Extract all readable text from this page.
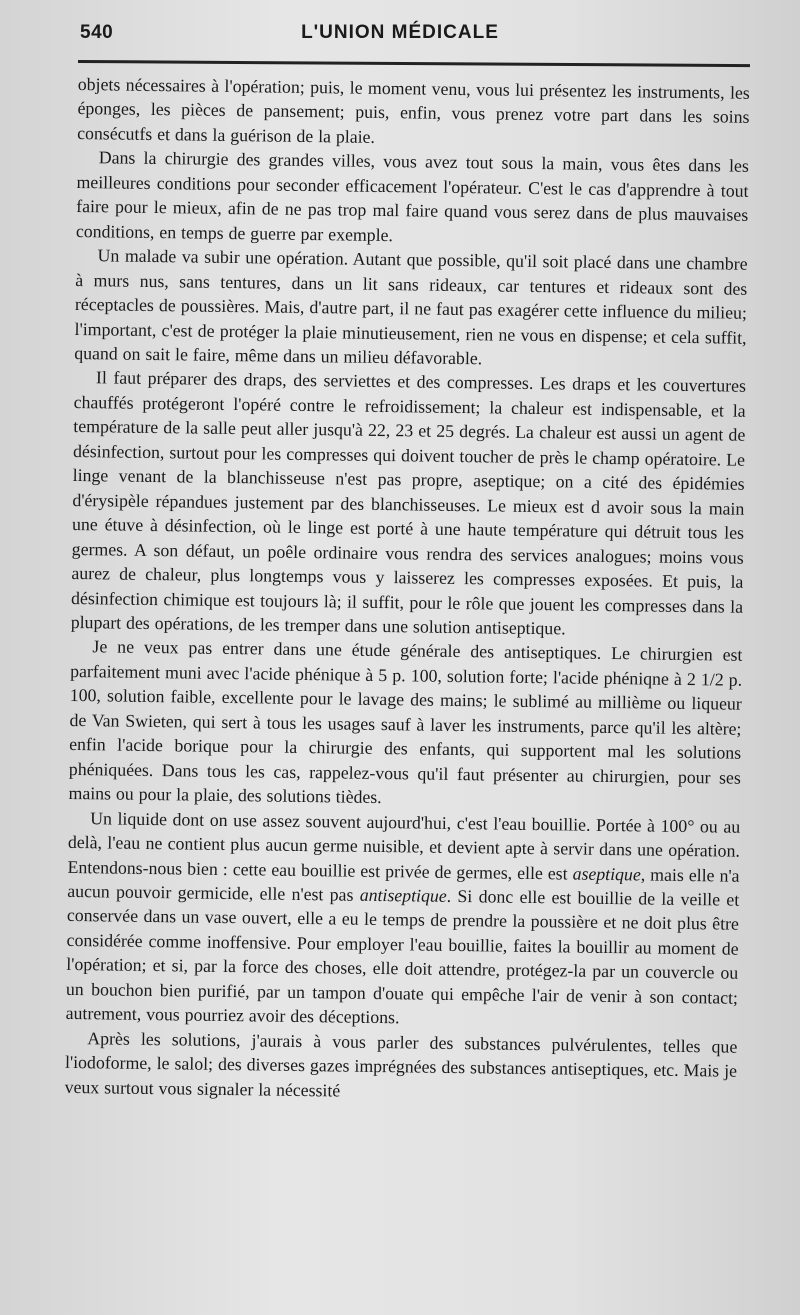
540	L'UNION MÉDICALE

objets nécessaires à l'opération; puis, le moment venu, vous lui présentez les instruments, les éponges, les pièces de pansement; puis, enfin, vous prenez votre part dans les soins consécutfs et dans la guérison de la plaie.

Dans la chirurgie des grandes villes, vous avez tout sous la main, vous êtes dans les meilleures conditions pour seconder efficacement l'opérateur. C'est le cas d'apprendre à tout faire pour le mieux, afin de ne pas trop mal faire quand vous serez dans de plus mauvaises conditions, en temps de guerre par exemple.

Un malade va subir une opération. Autant que possible, qu'il soit placé dans une chambre à murs nus, sans tentures, dans un lit sans rideaux, car tentures et rideaux sont des réceptacles de poussières. Mais, d'autre part, il ne faut pas exagérer cette influence du milieu; l'important, c'est de protéger la plaie minutieusement, rien ne vous en dispense; et cela suffit, quand on sait le faire, même dans un milieu défavorable.

Il faut préparer des draps, des serviettes et des compresses. Les draps et les couvertures chauffés protégeront l'opéré contre le refroidissement; la chaleur est indispensable, et la température de la salle peut aller jusqu'à 22, 23 et 25 degrés. La chaleur est aussi un agent de désinfection, surtout pour les compresses qui doivent toucher de près le champ opératoire. Le linge venant de la blanchisseuse n'est pas propre, aseptique; on a cité des épidémies d'érysipèle répandues justement par des blanchisseuses. Le mieux est d avoir sous la main une étuve à désinfection, où le linge est porté à une haute température qui détruit tous les germes. A son défaut, un poêle ordinaire vous rendra des services analogues; moins vous aurez de chaleur, plus longtemps vous y laisserez les compresses exposées. Et puis, la désinfection chimique est toujours là; il suffit, pour le rôle que jouent les compresses dans la plupart des opérations, de les tremper dans une solution antiseptique.

Je ne veux pas entrer dans une étude générale des antiseptiques. Le chirurgien est parfaitement muni avec l'acide phénique à 5 p. 100, solution forte; l'acide phéniqne à 2 1/2 p. 100, solution faible, excellente pour le lavage des mains; le sublimé au millième ou liqueur de Van Swieten, qui sert à tous les usages sauf à laver les instruments, parce qu'il les altère; enfin l'acide borique pour la chirurgie des enfants, qui supportent mal les solutions phéniquées. Dans tous les cas, rappelez-vous qu'il faut présenter au chirurgien, pour ses mains ou pour la plaie, des solutions tièdes.

Un liquide dont on use assez souvent aujourd'hui, c'est l'eau bouillie. Portée à 100° ou au delà, l'eau ne contient plus aucun germe nuisible, et devient apte à servir dans une opération. Entendons-nous bien : cette eau bouillie est privée de germes, elle est aseptique, mais elle n'a aucun pouvoir germicide, elle n'est pas antiseptique. Si donc elle est bouillie de la veille et conservée dans un vase ouvert, elle a eu le temps de prendre la poussière et ne doit plus être considérée comme inoffensive. Pour employer l'eau bouillie, faites la bouillir au moment de l'opération; et si, par la force des choses, elle doit attendre, protégez-la par un couvercle ou un bouchon bien purifié, par un tampon d'ouate qui empêche l'air de venir à son contact; autrement, vous pourriez avoir des déceptions.

Après les solutions, j'aurais à vous parler des substances pulvérulentes, telles que l'iodoforme, le salol; des diverses gazes imprégnées des substances antiseptiques, etc. Mais je veux surtout vous signaler la nécessité
